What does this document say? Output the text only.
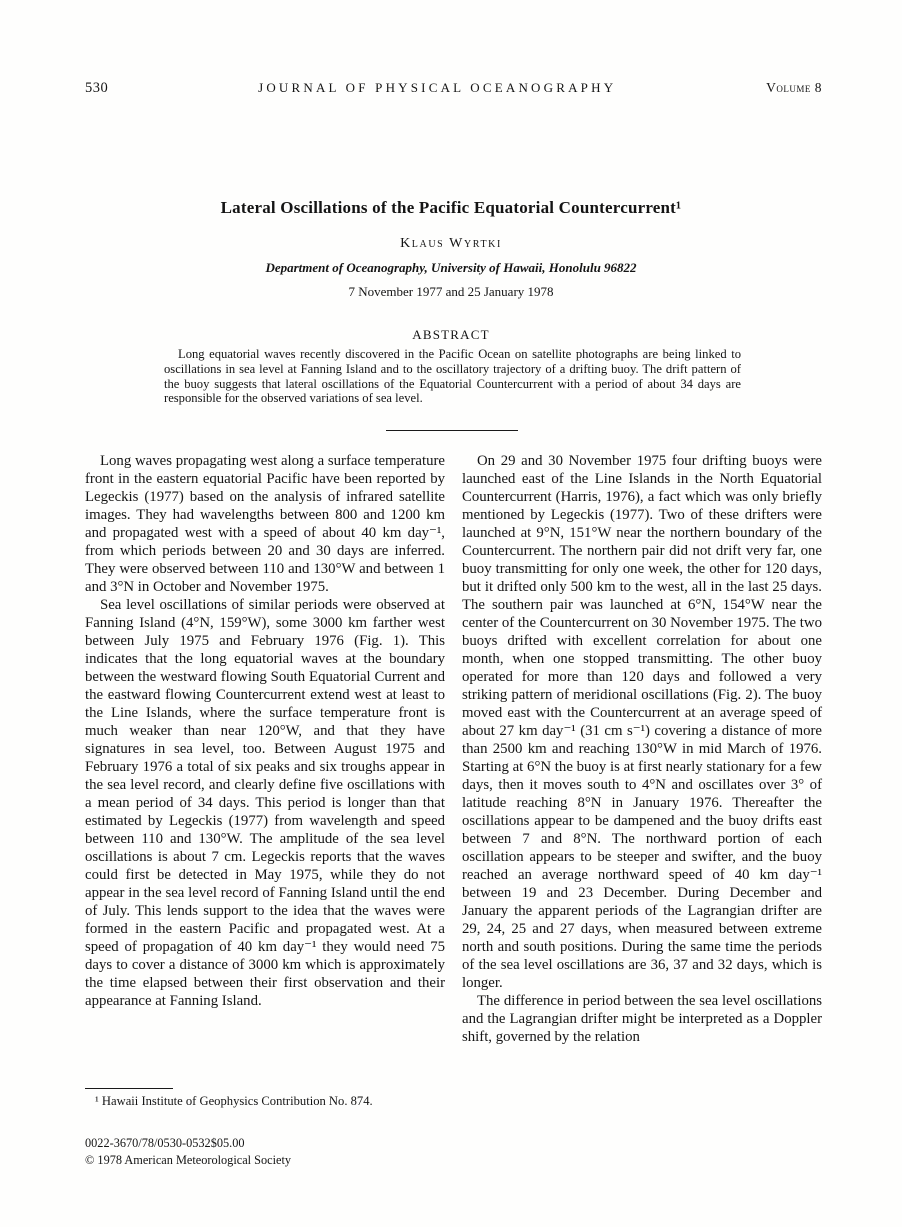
530	JOURNAL OF PHYSICAL OCEANOGRAPHY	Volume 8
Lateral Oscillations of the Pacific Equatorial Countercurrent¹
Klaus Wyrtki
Department of Oceanography, University of Hawaii, Honolulu 96822
7 November 1977 and 25 January 1978
ABSTRACT

Long equatorial waves recently discovered in the Pacific Ocean on satellite photographs are being linked to oscillations in sea level at Fanning Island and to the oscillatory trajectory of a drifting buoy. The drift pattern of the buoy suggests that lateral oscillations of the Equatorial Countercurrent with a period of about 34 days are responsible for the observed variations of sea level.

Long waves propagating west along a surface temperature front in the eastern equatorial Pacific have been reported by Legeckis (1977) based on the analysis of infrared satellite images. They had wavelengths between 800 and 1200 km and propagated west with a speed of about 40 km day⁻¹, from which periods between 20 and 30 days are inferred. They were observed between 110 and 130°W and between 1 and 3°N in October and November 1975.

Sea level oscillations of similar periods were observed at Fanning Island (4°N, 159°W), some 3000 km farther west between July 1975 and February 1976 (Fig. 1). This indicates that the long equatorial waves at the boundary between the westward flowing South Equatorial Current and the eastward flowing Countercurrent extend west at least to the Line Islands, where the surface temperature front is much weaker than near 120°W, and that they have signatures in sea level, too. Between August 1975 and February 1976 a total of six peaks and six troughs appear in the sea level record, and clearly define five oscillations with a mean period of 34 days. This period is longer than that estimated by Legeckis (1977) from wavelength and speed between 110 and 130°W. The amplitude of the sea level oscillations is about 7 cm. Legeckis reports that the waves could first be detected in May 1975, while they do not appear in the sea level record of Fanning Island until the end of July. This lends support to the idea that the waves were formed in the eastern Pacific and propagated west. At a speed of propagation of 40 km day⁻¹ they would need 75 days to cover a distance of 3000 km which is approximately the time elapsed between their first observation and their appearance at Fanning Island.

On 29 and 30 November 1975 four drifting buoys were launched east of the Line Islands in the North Equatorial Countercurrent (Harris, 1976), a fact which was only briefly mentioned by Legeckis (1977). Two of these drifters were launched at 9°N, 151°W near the northern boundary of the Countercurrent. The northern pair did not drift very far, one buoy transmitting for only one week, the other for 120 days, but it drifted only 500 km to the west, all in the last 25 days. The southern pair was launched at 6°N, 154°W near the center of the Countercurrent on 30 November 1975. The two buoys drifted with excellent correlation for about one month, when one stopped transmitting. The other buoy operated for more than 120 days and followed a very striking pattern of meridional oscillations (Fig. 2). The buoy moved east with the Countercurrent at an average speed of about 27 km day⁻¹ (31 cm s⁻¹) covering a distance of more than 2500 km and reaching 130°W in mid March of 1976. Starting at 6°N the buoy is at first nearly stationary for a few days, then it moves south to 4°N and oscillates over 3° of latitude reaching 8°N in January 1976. Thereafter the oscillations appear to be dampened and the buoy drifts east between 7 and 8°N. The northward portion of each oscillation appears to be steeper and swifter, and the buoy reached an average northward speed of 40 km day⁻¹ between 19 and 23 December. During December and January the apparent periods of the Lagrangian drifter are 29, 24, 25 and 27 days, when measured between extreme north and south positions. During the same time the periods of the sea level oscillations are 36, 37 and 32 days, which is longer.

The difference in period between the sea level oscillations and the Lagrangian drifter might be interpreted as a Doppler shift, governed by the relation

¹ Hawaii Institute of Geophysics Contribution No. 874.
0022-3670/78/0530-0532$05.00
© 1978 American Meteorological Society
